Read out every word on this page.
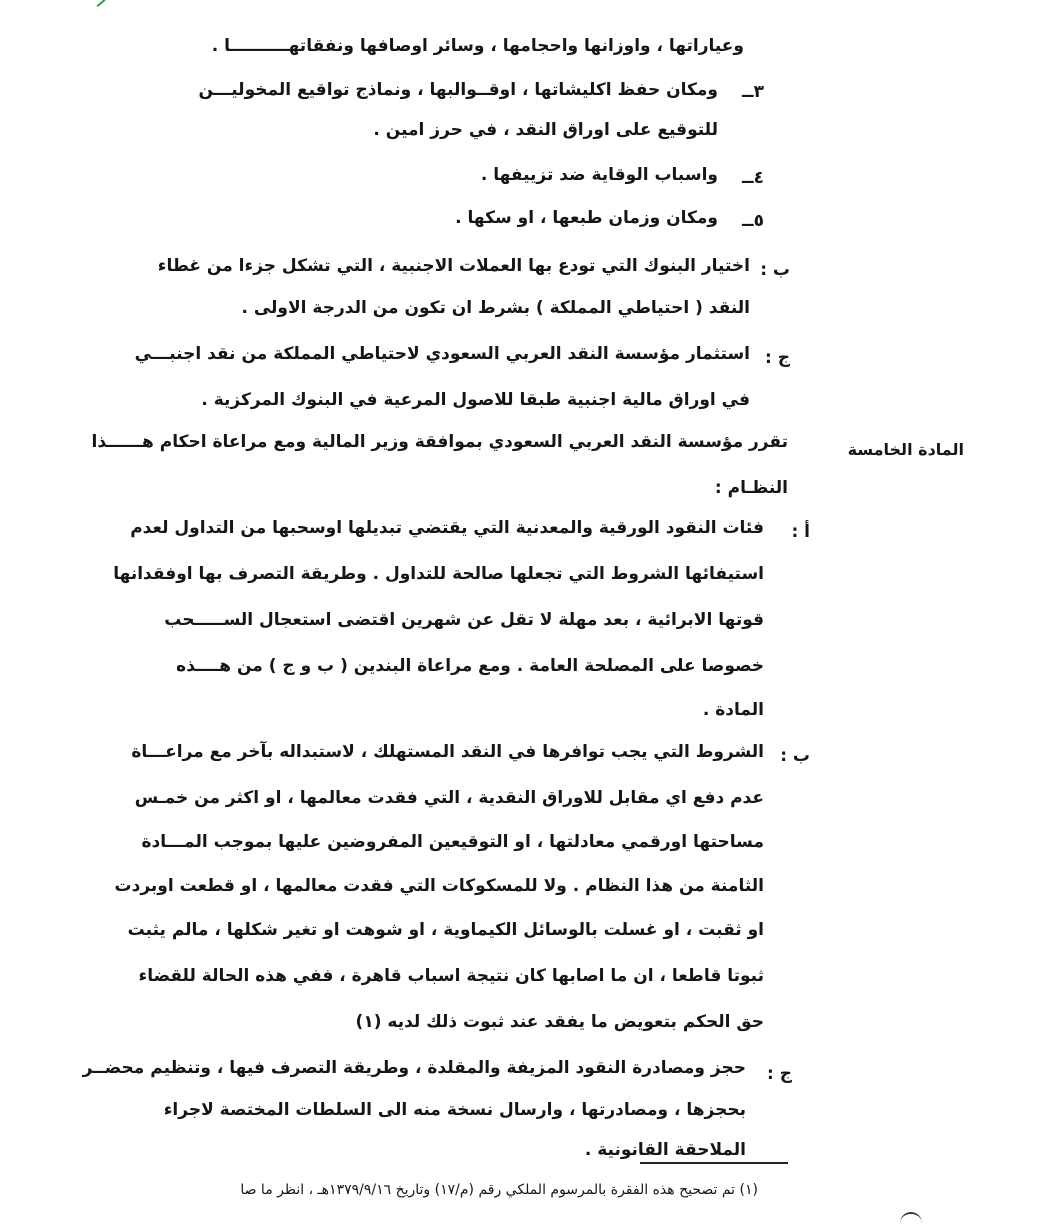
وعياراتها ، واوزانها واحجامها ، وسائر اوصافها ونفقاتهــــــــــا .
٣ــ
ومكان حفظ اكليشاتها ، اوقــوالبها ، ونماذج تواقيع المخوليـــن
للتوقيع على اوراق النقد ، في حرز امين .
٤ــ
واسباب الوقاية ضد تزييفها .
٥ــ
ومكان وزمان طبعها ، او سكها .
ب :
اختيار البنوك التي تودع بها العملات الاجنبية ، التي تشكل جزءا من غطاء
النقد ( احتياطي المملكة ) بشرط ان تكون من الدرجة الاولى .
ج :
استثمار مؤسسة النقد العربي السعودي لاحتياطي المملكة من نقد اجنبـــي
في اوراق مالية اجنبية طبقا للاصول المرعية في البنوك المركزية .
المادة الخامسة
تقرر مؤسسة النقد العربي السعودي بموافقة وزير المالية ومع مراعاة احكام هــــــذا
النظـام :
أ :
فئات النقود الورقية والمعدنية التي يقتضي تبديلها اوسحبها من التداول لعدم
استيفائها الشروط التي تجعلها صالحة للتداول . وطريقة التصرف بها اوفقدانها
قوتها الابرائية ، بعد مهلة لا تقل عن شهرين اقتضى استعجال الســـــحب
خصوصا على المصلحة العامة . ومع مراعاة البندين ( ب و ج ) من هــــذه
المادة .
ب :
الشروط التي يجب توافرها في النقد المستهلك ، لاستبداله بآخر مع مراعـــاة
عدم دفع اي مقابل للاوراق النقدية ، التي فقدت معالمها ، او اكثر من خمـس
مساحتها اورقمي معادلتها ، او التوقيعين المفروضين عليها بموجب المـــادة
الثامنة من هذا النظام . ولا للمسكوكات التي فقدت معالمها ، او قطعت اوبردت
او ثقبت ، او غسلت بالوسائل الكيماوية ، او شوهت او تغير شكلها ، مالم يثبت
ثبوتا قاطعا ، ان ما اصابها كان نتيجة اسباب قاهرة ، ففي هذه الحالة للقضاء
حق الحكم بتعويض ما يفقد عند ثبوت ذلك لديه (١)
ج :
حجز ومصادرة النقود المزيفة والمقلدة ، وطريقة التصرف فيها ، وتنظيم محضــر
بحجزها ، ومصادرتها ، وارسال نسخة منه الى السلطات المختصة لاجراء
الملاحقة القانونية .
(١) تم تصحيح هذه الفقرة بالمرسوم الملكي رقم (م/١٧) وتاريخ ١٣٧٩/٩/١٦هـ ، انظر ما صا
